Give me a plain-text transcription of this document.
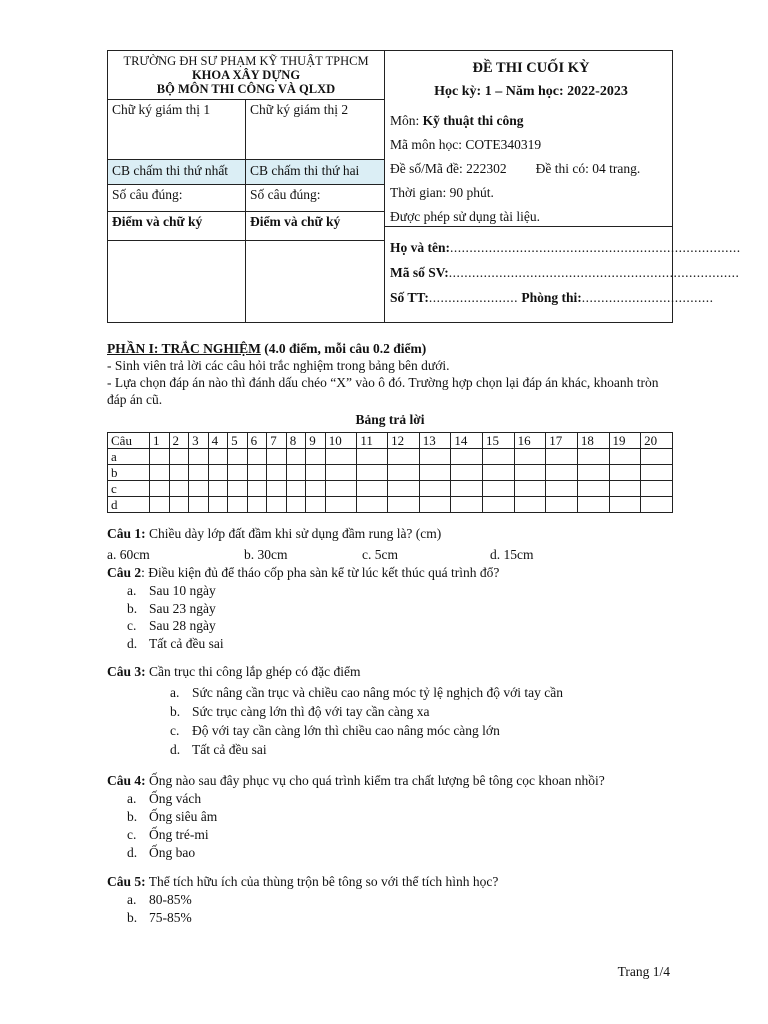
TRƯỜNG ĐH SƯ PHẠM KỸ THUẬT TPHCM
KHOA XÂY DỰNG
BỘ MÔN THI CÔNG VÀ QLXD
Chữ ký giám thị 1	Chữ ký giám thị 2
CB chấm thi thứ nhất	CB chấm thi thứ hai
Số câu đúng:	Số câu đúng:
Điểm và chữ ký	Điểm và chữ ký
ĐỀ THI CUỐI KỲ
Học kỳ: 1 – Năm học: 2022-2023
Môn: Kỹ thuật thi công
Mã môn học: COTE340319
Đề số/Mã đề: 222302 Đề thi có: 04 trang.
Thời gian: 90 phút.
Được phép sử dụng tài liệu.
Họ và tên:...........................................................................
Mã số SV:...........................................................................
Số TT:....................... Phòng thi:..................................
PHẦN I: TRẮC NGHIỆM (4.0 điểm, mỗi câu 0.2 điểm)
- Sinh viên trả lời các câu hỏi trắc nghiệm trong bảng bên dưới.
- Lựa chọn đáp án nào thì đánh dấu chéo “X” vào ô đó. Trường hợp chọn lại đáp án khác, khoanh tròn đáp án cũ.
Bảng trả lời
Câu	1	2	3	4	5	6	7	8	9	10	11	12	13	14	15	16	17	18	19	20
a																				
b																				
c																				
d																				
Câu 1: Chiều dày lớp đất đầm khi sử dụng đầm rung là? (cm)
a. 60cm	b. 30cm	c. 5cm	d. 15cm
Câu 2: Điều kiện đủ để tháo cốp pha sàn kể từ lúc kết thúc quá trình đổ?
a. Sau 10 ngày
b. Sau 23 ngày
c. Sau 28 ngày
d. Tất cả đều sai
Câu 3: Cần trục thi công lắp ghép có đặc điểm
a. Sức nâng cần trục và chiều cao nâng móc tỷ lệ nghịch độ với tay cần
b. Sức trục càng lớn thì độ với tay cần càng xa
c. Độ với tay cần càng lớn thì chiều cao nâng móc càng lớn
d. Tất cả đều sai
Câu 4: Ống nào sau đây phục vụ cho quá trình kiểm tra chất lượng bê tông cọc khoan nhồi?
a. Ống vách
b. Ống siêu âm
c. Ống tré-mi
d. Ống bao
Câu 5: Thể tích hữu ích của thùng trộn bê tông so với thể tích hình học?
a. 80-85%
b. 75-85%
Trang 1/4
